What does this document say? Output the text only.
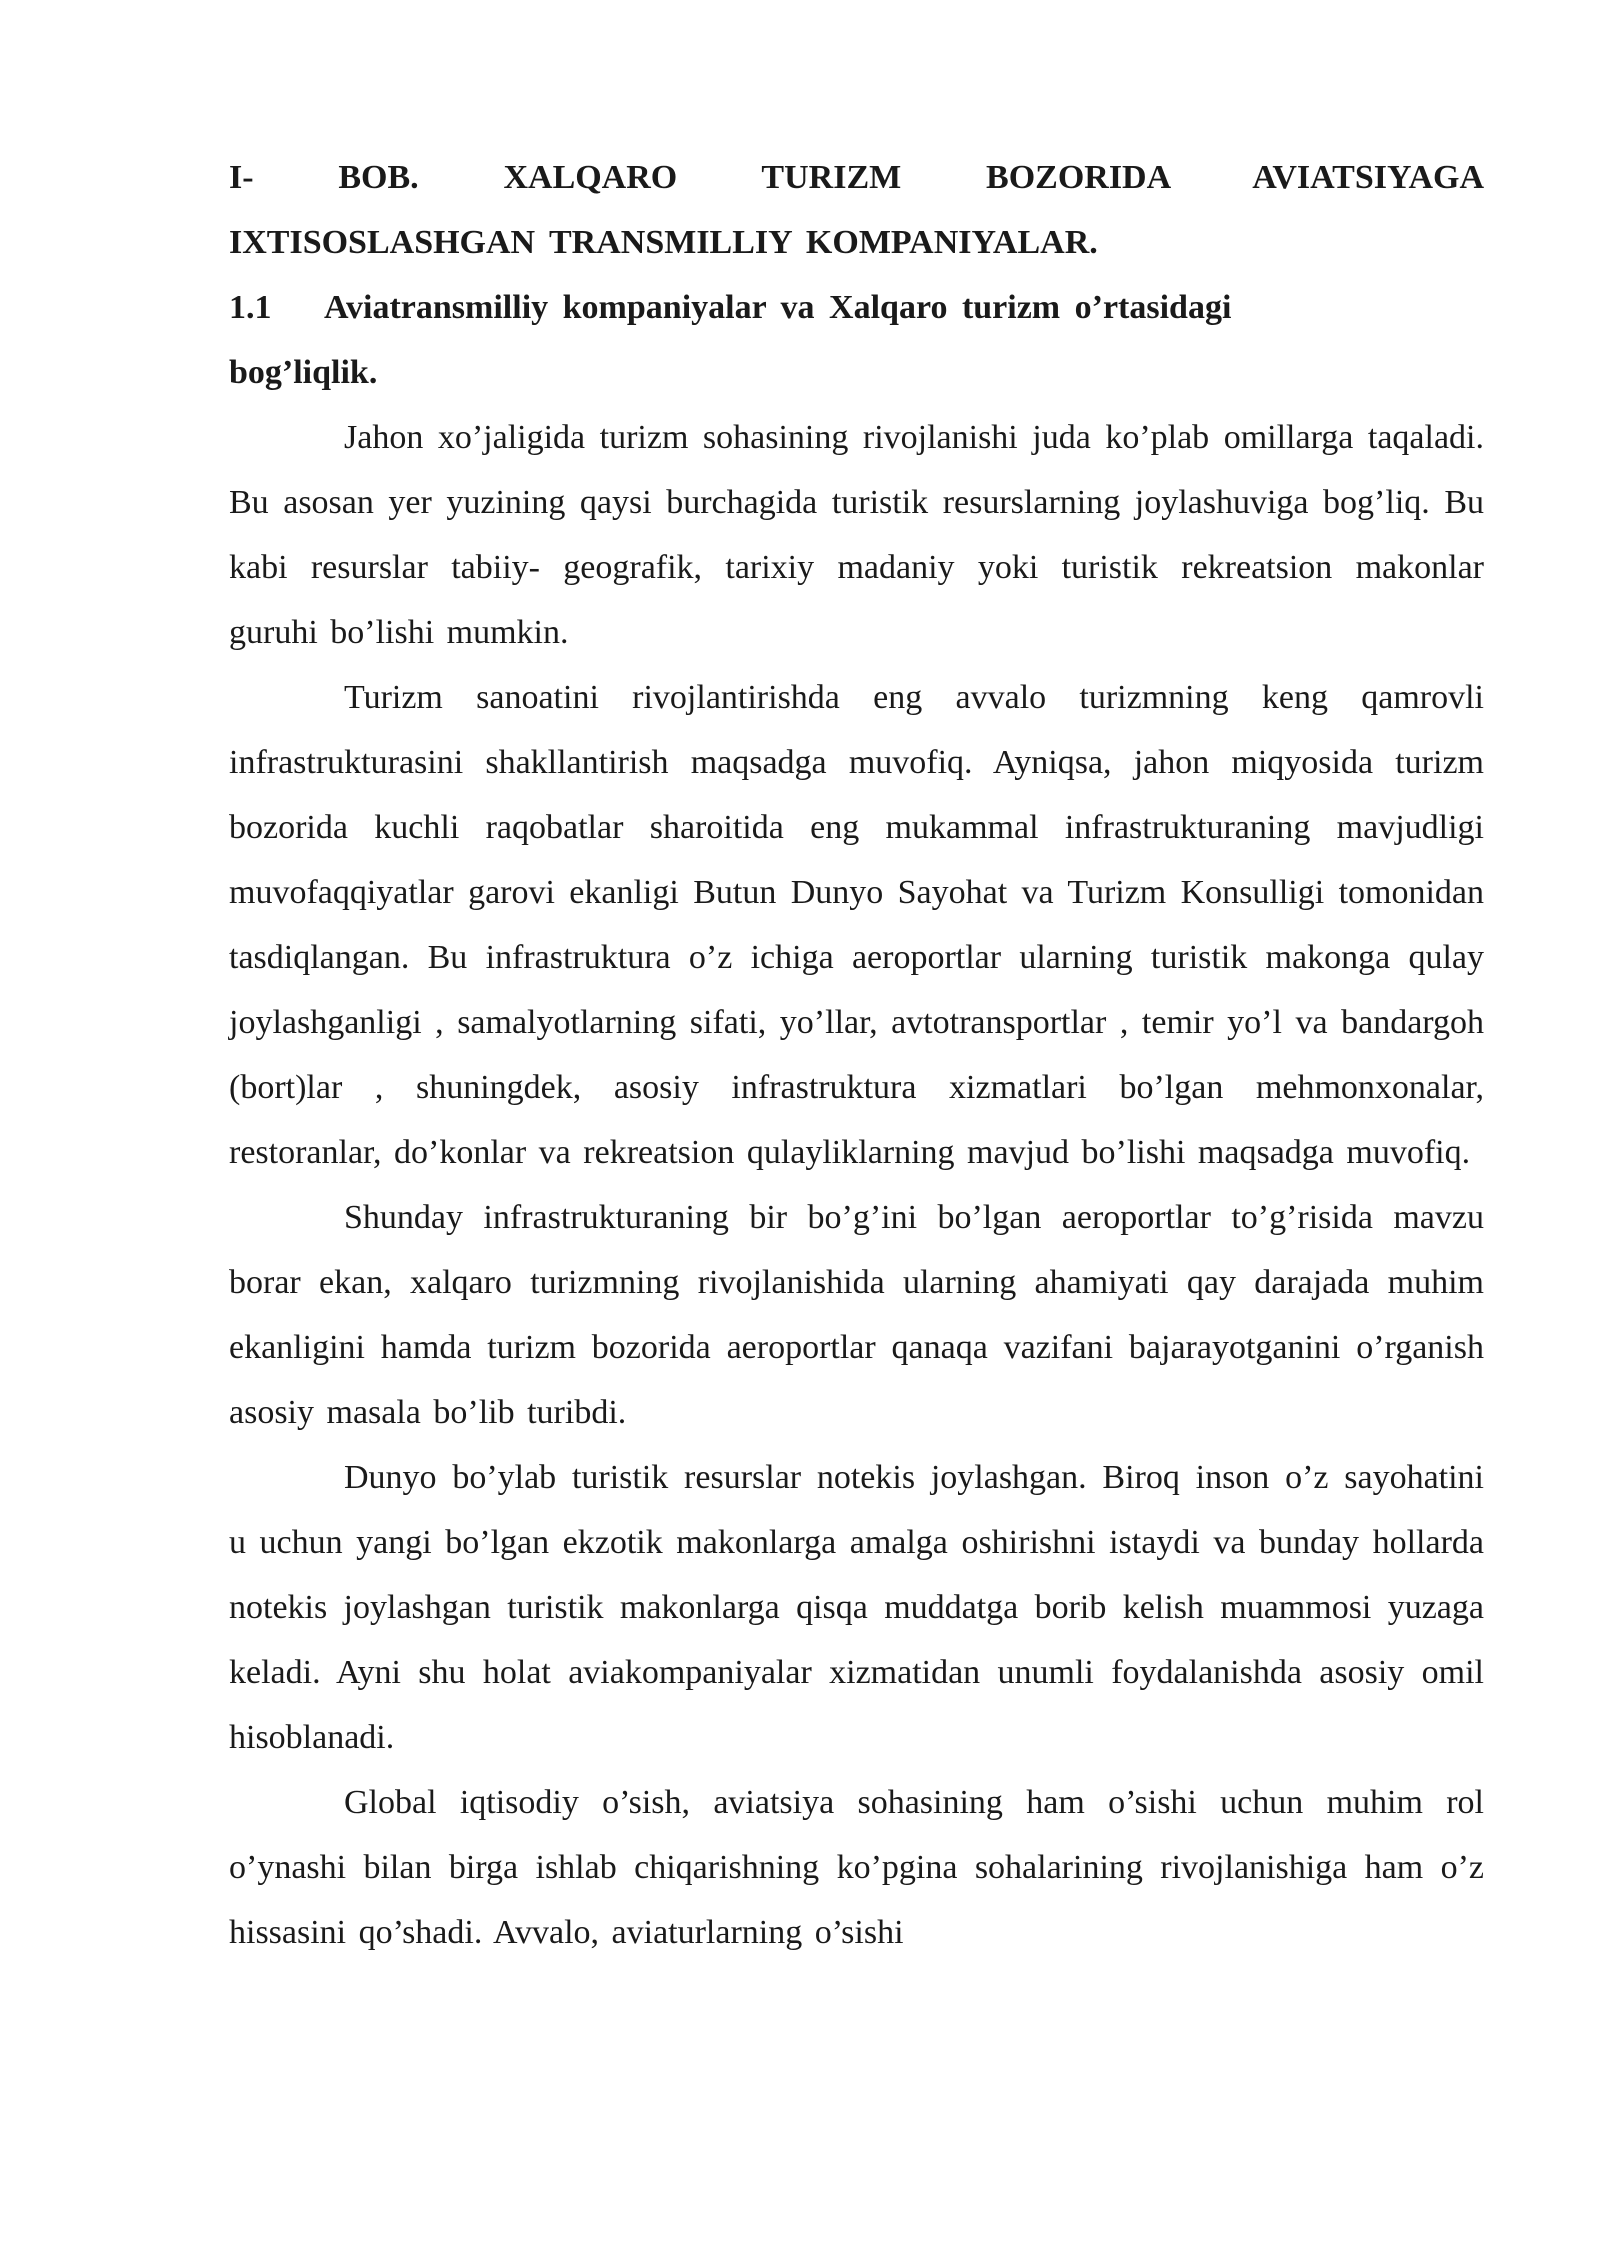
I- BOB. XALQARO TURIZM BOZORIDA AVIATSIYAGA
IXTISOSLASHGAN TRANSMILLIY KOMPANIYALAR.
1.1 Aviatransmilliy kompaniyalar va Xalqaro turizm o’rtasidagi bog’liqlik.

Jahon xo’jaligida turizm sohasining rivojlanishi juda ko’plab omillarga taqaladi. Bu asosan yer yuzining qaysi burchagida turistik resurslarning joylashuviga bog’liq. Bu kabi resurslar tabiiy- geografik, tarixiy madaniy yoki turistik rekreatsion makonlar guruhi bo’lishi mumkin.

Turizm sanoatini rivojlantirishda eng avvalo turizmning keng qamrovli infrastrukturasini shakllantirish maqsadga muvofiq. Ayniqsa, jahon miqyosida turizm bozorida kuchli raqobatlar sharoitida eng mukammal infrastrukturaning mavjudligi muvofaqqiyatlar garovi ekanligi Butun Dunyo Sayohat va Turizm Konsulligi tomonidan tasdiqlangan. Bu infrastruktura o’z ichiga aeroportlar ularning turistik makonga qulay joylashganligi , samalyotlarning sifati, yo’llar, avtotransportlar , temir yo’l va bandargoh (bort)lar , shuningdek, asosiy infrastruktura xizmatlari bo’lgan mehmonxonalar, restoranlar, do’konlar va rekreatsion qulayliklarning mavjud bo’lishi maqsadga muvofiq.

Shunday infrastrukturaning bir bo’g’ini bo’lgan aeroportlar to’g’risida mavzu borar ekan, xalqaro turizmning rivojlanishida ularning ahamiyati qay darajada muhim ekanligini hamda turizm bozorida aeroportlar qanaqa vazifani bajarayotganini o’rganish asosiy masala bo’lib turibdi.

Dunyo bo’ylab turistik resurslar notekis joylashgan. Biroq inson o’z sayohatini u uchun yangi bo’lgan ekzotik makonlarga amalga oshirishni istaydi va bunday hollarda notekis joylashgan turistik makonlarga qisqa muddatga borib kelish muammosi yuzaga keladi. Ayni shu holat aviakompaniyalar xizmatidan unumli foydalanishda asosiy omil hisoblanadi.

Global iqtisodiy o’sish, aviatsiya sohasining ham o’sishi uchun muhim rol o’ynashi bilan birga ishlab chiqarishning ko’pgina sohalarining rivojlanishiga ham o’z hissasini qo’shadi. Avvalo, aviaturlarning o’sishi
